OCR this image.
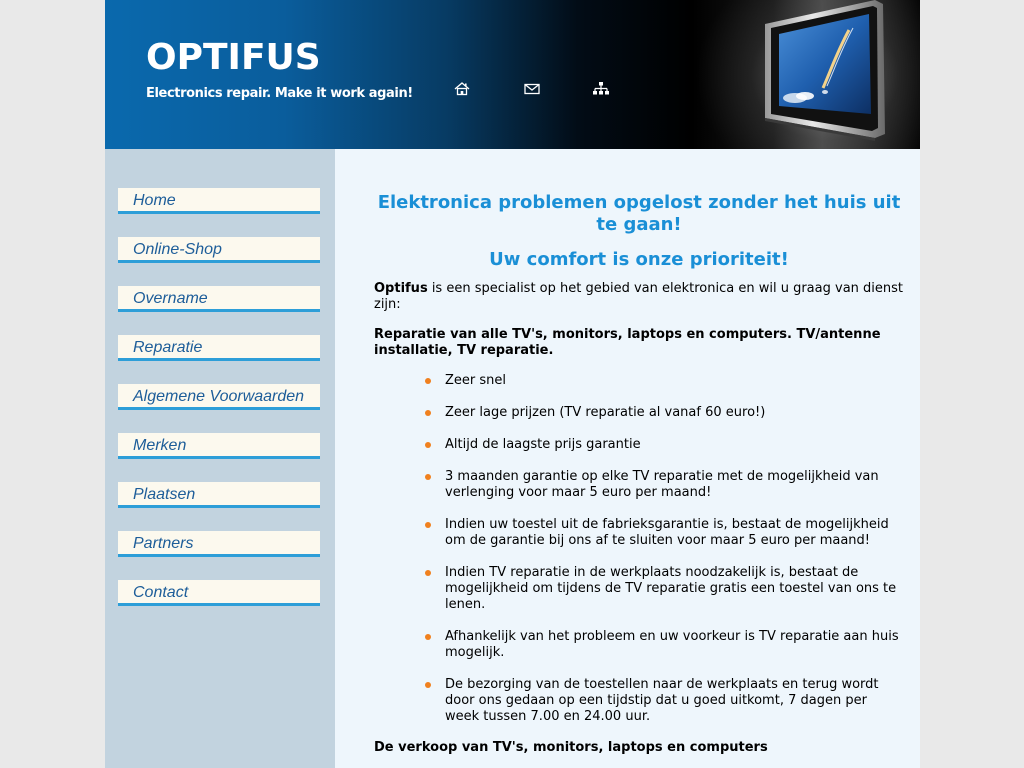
OPTIFUS
Electronics repair. Make it work again!
Home
Online-Shop
Overname
Reparatie
Algemene Voorwaarden
Merken
Plaatsen
Partners
Contact
Elektronica problemen opgelost zonder het huis uit te gaan!
Uw comfort is onze prioriteit!

Optifus is een specialist op het gebied van elektronica en wil u graag van dienst zijn:

Reparatie van alle TV's, monitors, laptops en computers. TV/antenne installatie, TV reparatie.

Zeer snel
Zeer lage prijzen (TV reparatie al vanaf 60 euro!)
Altijd de laagste prijs garantie
3 maanden garantie op elke TV reparatie met de mogelijkheid van verlenging voor maar 5 euro per maand!
Indien uw toestel uit de fabrieksgarantie is, bestaat de mogelijkheid om de garantie bij ons af te sluiten voor maar 5 euro per maand!
Indien TV reparatie in de werkplaats noodzakelijk is, bestaat de mogelijkheid om tijdens de TV reparatie gratis een toestel van ons te lenen.
Afhankelijk van het probleem en uw voorkeur is TV reparatie aan huis mogelijk.
De bezorging van de toestellen naar de werkplaats en terug wordt door ons gedaan op een tijdstip dat u goed uitkomt, 7 dagen per week tussen 7.00 en 24.00 uur.

De verkoop van TV's, monitors, laptops en computers
